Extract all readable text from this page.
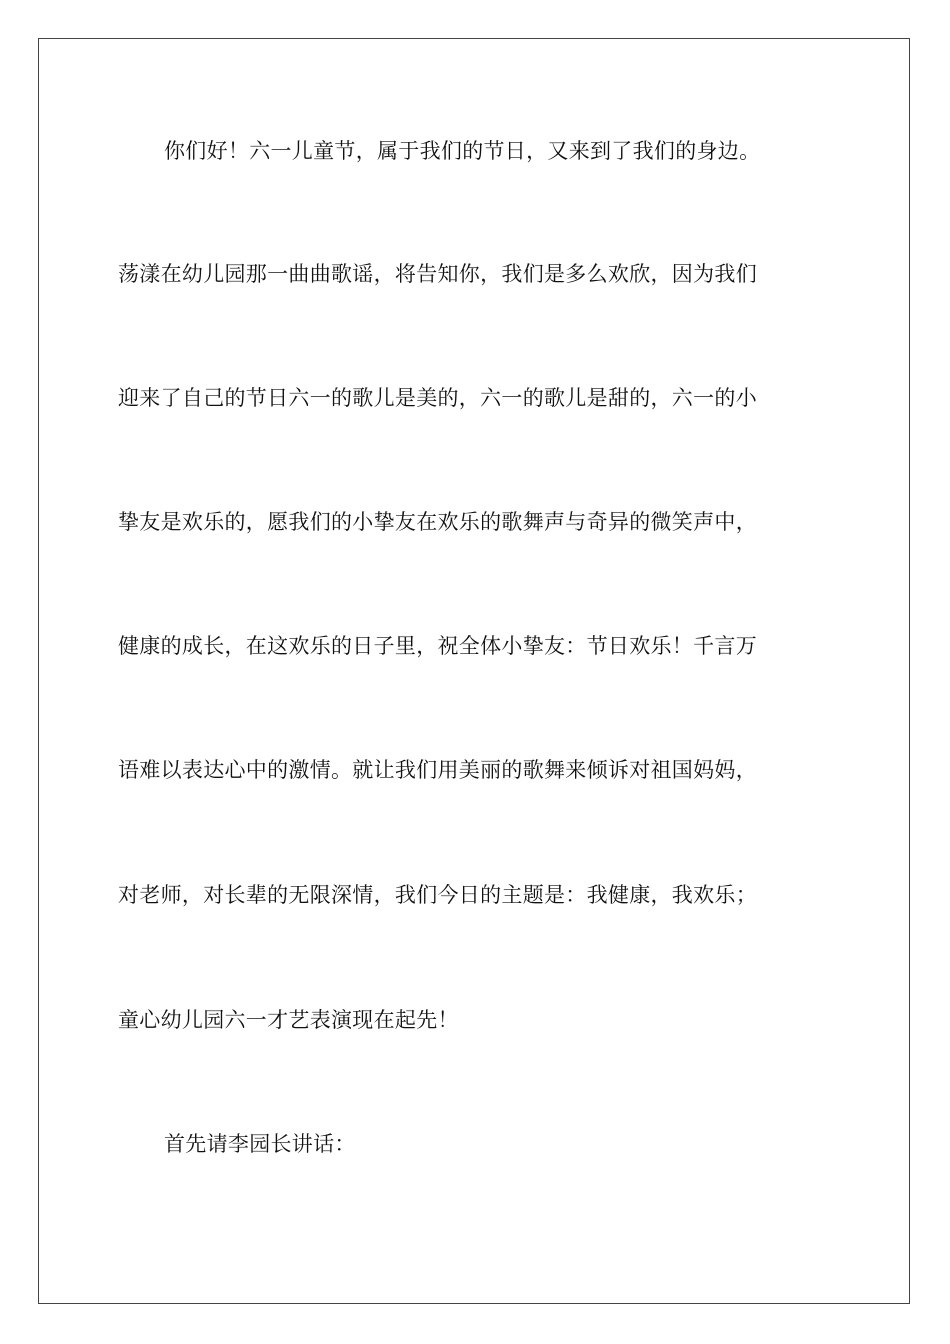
你们好！六一儿童节，属于我们的节日，又来到了我们的身边。
荡漾在幼儿园那一曲曲歌谣，将告知你，我们是多么欢欣，因为我们
迎来了自己的节日六一的歌儿是美的，六一的歌儿是甜的，六一的小
挚友是欢乐的，愿我们的小挚友在欢乐的歌舞声与奇异的微笑声中，
健康的成长，在这欢乐的日子里，祝全体小挚友：节日欢乐！千言万
语难以表达心中的激情。就让我们用美丽的歌舞来倾诉对祖国妈妈，
对老师，对长辈的无限深情，我们今日的主题是：我健康，我欢乐；
童心幼儿园六一才艺表演现在起先！
首先请李园长讲话：
